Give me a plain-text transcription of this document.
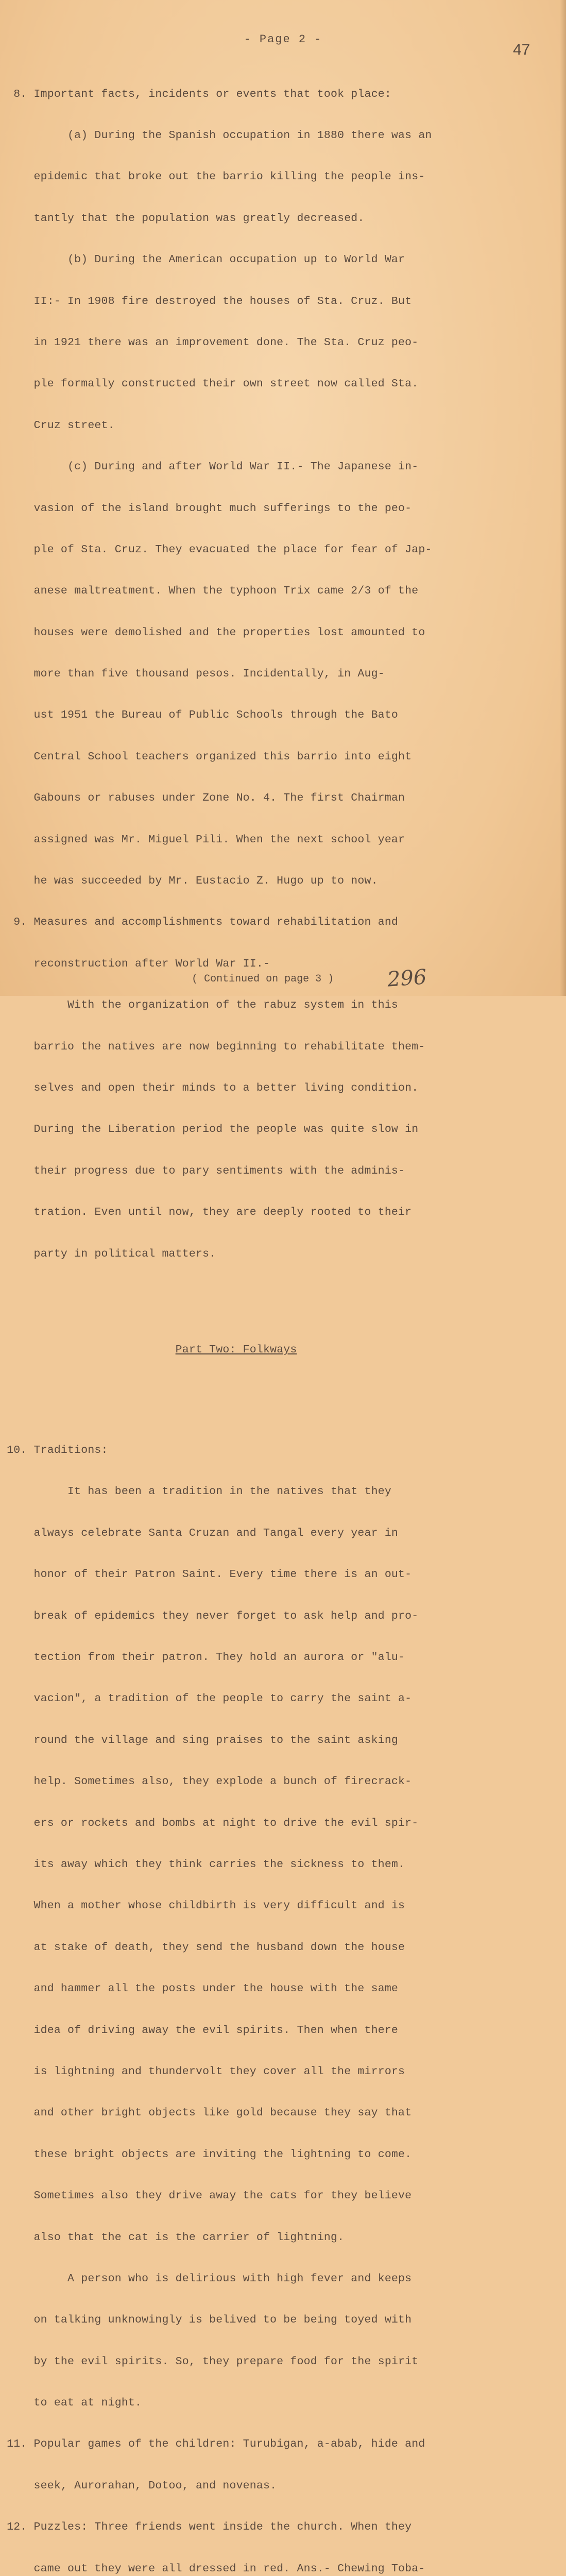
- Page 2 -
47

8. Important facts, incidents or events that took place:

(a) During the Spanish occupation in 1880 there was an

epidemic that broke out the barrio killing the people ins-

tantly that the population was greatly decreased.

(b) During the American occupation up to World War

II:- In 1908 fire destroyed the houses of Sta. Cruz. But

in 1921 there was an improvement done. The Sta. Cruz peo-

ple formally constructed their own street now called Sta.

Cruz street.

(c) During and after World War II.- The Japanese in-

vasion of the island brought much sufferings to the peo-

ple of Sta. Cruz. They evacuated the place for fear of Jap-

anese maltreatment. When the typhoon Trix came 2/3 of the

houses were demolished and the properties lost amounted to

more than five thousand pesos. Incidentally, in Aug-

ust 1951 the Bureau of Public Schools through the Bato

Central School teachers organized this barrio into eight

Gabouns or rabuses under Zone No. 4. The first Chairman

assigned was Mr. Miguel Pili. When the next school year

he was succeeded by Mr. Eustacio Z. Hugo up to now.

9. Measures and accomplishments toward rehabilitation and

reconstruction after World War II.-

With the organization of the rabuz system in this

barrio the natives are now beginning to rehabilitate them-

selves and open their minds to a better living condition.

During the Liberation period the people was quite slow in

their progress due to pary sentiments with the adminis-

tration. Even until now, they are deeply rooted to their

party in political matters.

Part Two: Folkways

10. Traditions:

It has been a tradition in the natives that they

always celebrate Santa Cruzan and Tangal every year in

honor of their Patron Saint. Every time there is an out-

break of epidemics they never forget to ask help and pro-

tection from their patron. They hold an aurora or "alu-

vacion", a tradition of the people to carry the saint a-

round the village and sing praises to the saint asking

help. Sometimes also, they explode a bunch of firecrack-

ers or rockets and bombs at night to drive the evil spir-

its away which they think carries the sickness to them.

When a mother whose childbirth is very difficult and is

at stake of death, they send the husband down the house

and hammer all the posts under the house with the same

idea of driving away the evil spirits. Then when there

is lightning and thundervolt they cover all the mirrors

and other bright objects like gold because they say that

these bright objects are inviting the lightning to come.

Sometimes also they drive away the cats for they believe

also that the cat is the carrier of lightning.

A person who is delirious with high fever and keeps

on talking unknowingly is belived to be being toyed with

by the evil spirits. So, they prepare food for the spirit

to eat at night.

11. Popular games of the children: Turubigan, a-abab, hide and

seek, Aurorahan, Dotoo, and novenas.

12. Puzzles: Three friends went inside the church. When they

came out they were all dressed in red. Ans.- Chewing Toba-

( Continued on page 3 )	296
